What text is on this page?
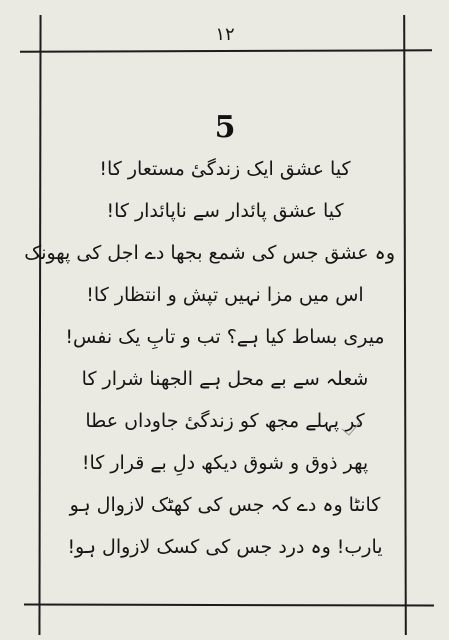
۱۲
5
کیا عشق ایک زندگیٔ مستعار کا!
کیا عشق پائدار سے ناپائدار کا!
وہ عشق جس کی شمع بجھا دے اجل کی پھونک
اس میں مزا نہیں تپش و انتظار کا!
میری بساط کیا ہے؟ تب و تابِ یک نفس!
شعلہ سے بے محل ہے الجھنا شرار کا
کر پہلے مجھ کو زندگیٔ جاوداں عطا
پھر ذوق و شوق دیکھ دلِ بے قرار کا!
کانٹا وہ دے کہ جس کی کھٹک لازوال ہو
یارب! وہ درد جس کی کسک لازوال ہو!
